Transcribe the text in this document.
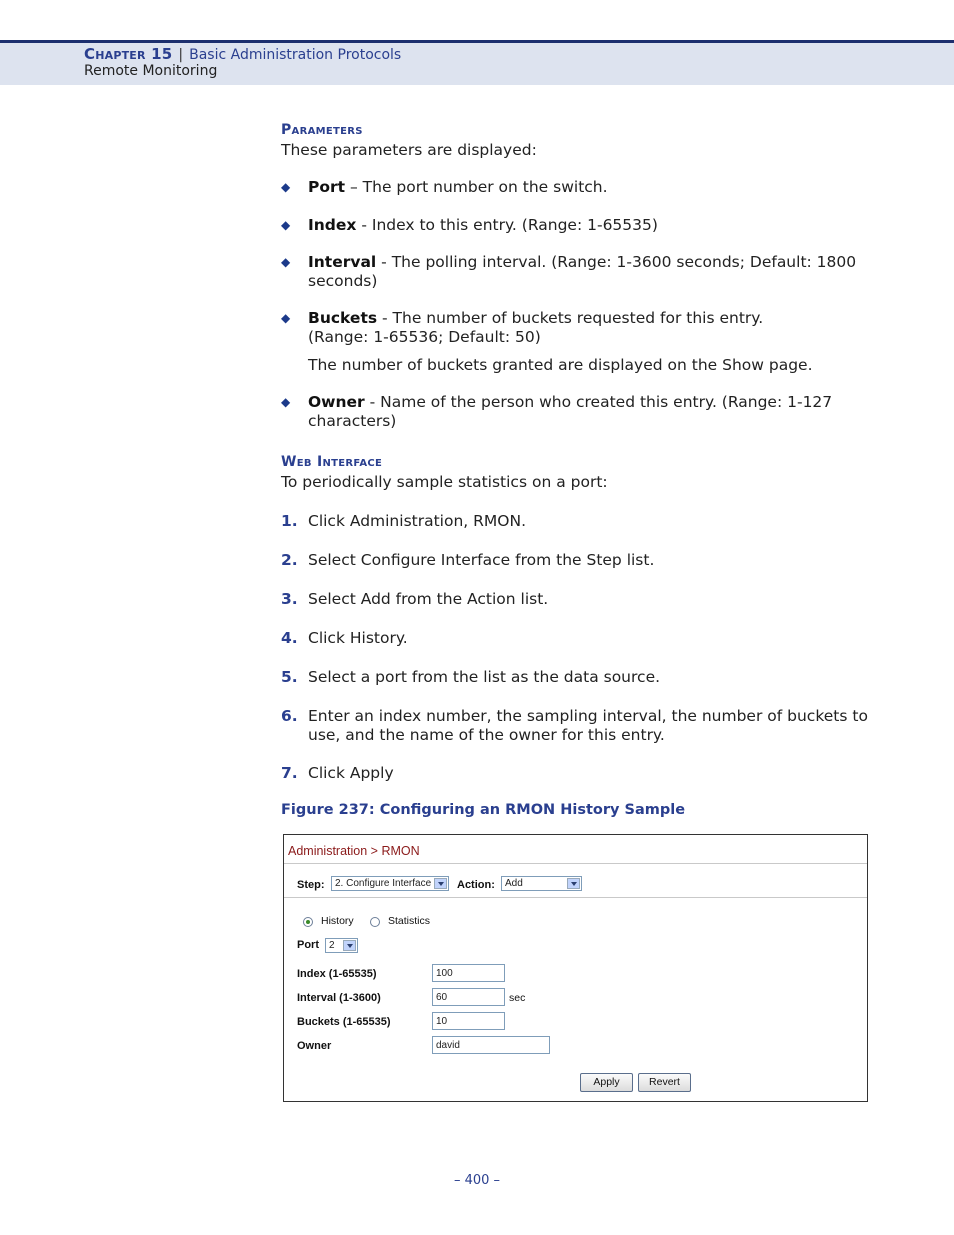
Chapter 15 | Basic Administration Protocols
Remote Monitoring
Parameters
These parameters are displayed:
◆ Port – The port number on the switch.
◆ Index - Index to this entry. (Range: 1-65535)
◆ Interval - The polling interval. (Range: 1-3600 seconds; Default: 1800
seconds)
◆ Buckets - The number of buckets requested for this entry.
(Range: 1-65536; Default: 50)
The number of buckets granted are displayed on the Show page.
◆ Owner - Name of the person who created this entry. (Range: 1-127
characters)
Web Interface
To periodically sample statistics on a port:
1. Click Administration, RMON.
2. Select Configure Interface from the Step list.
3. Select Add from the Action list.
4. Click History.
5. Select a port from the list as the data source.
6. Enter an index number, the sampling interval, the number of buckets to
use, and the name of the owner for this entry.
7. Click Apply
Figure 237: Configuring an RMON History Sample
Administration > RMON
Step: 2. Configure Interface Action: Add
History	Statistics
Port 2
Index (1-65535)	100
Interval (1-3600)	60	sec
Buckets (1-65535)	10
Owner	david
Apply	Revert
– 400 –
